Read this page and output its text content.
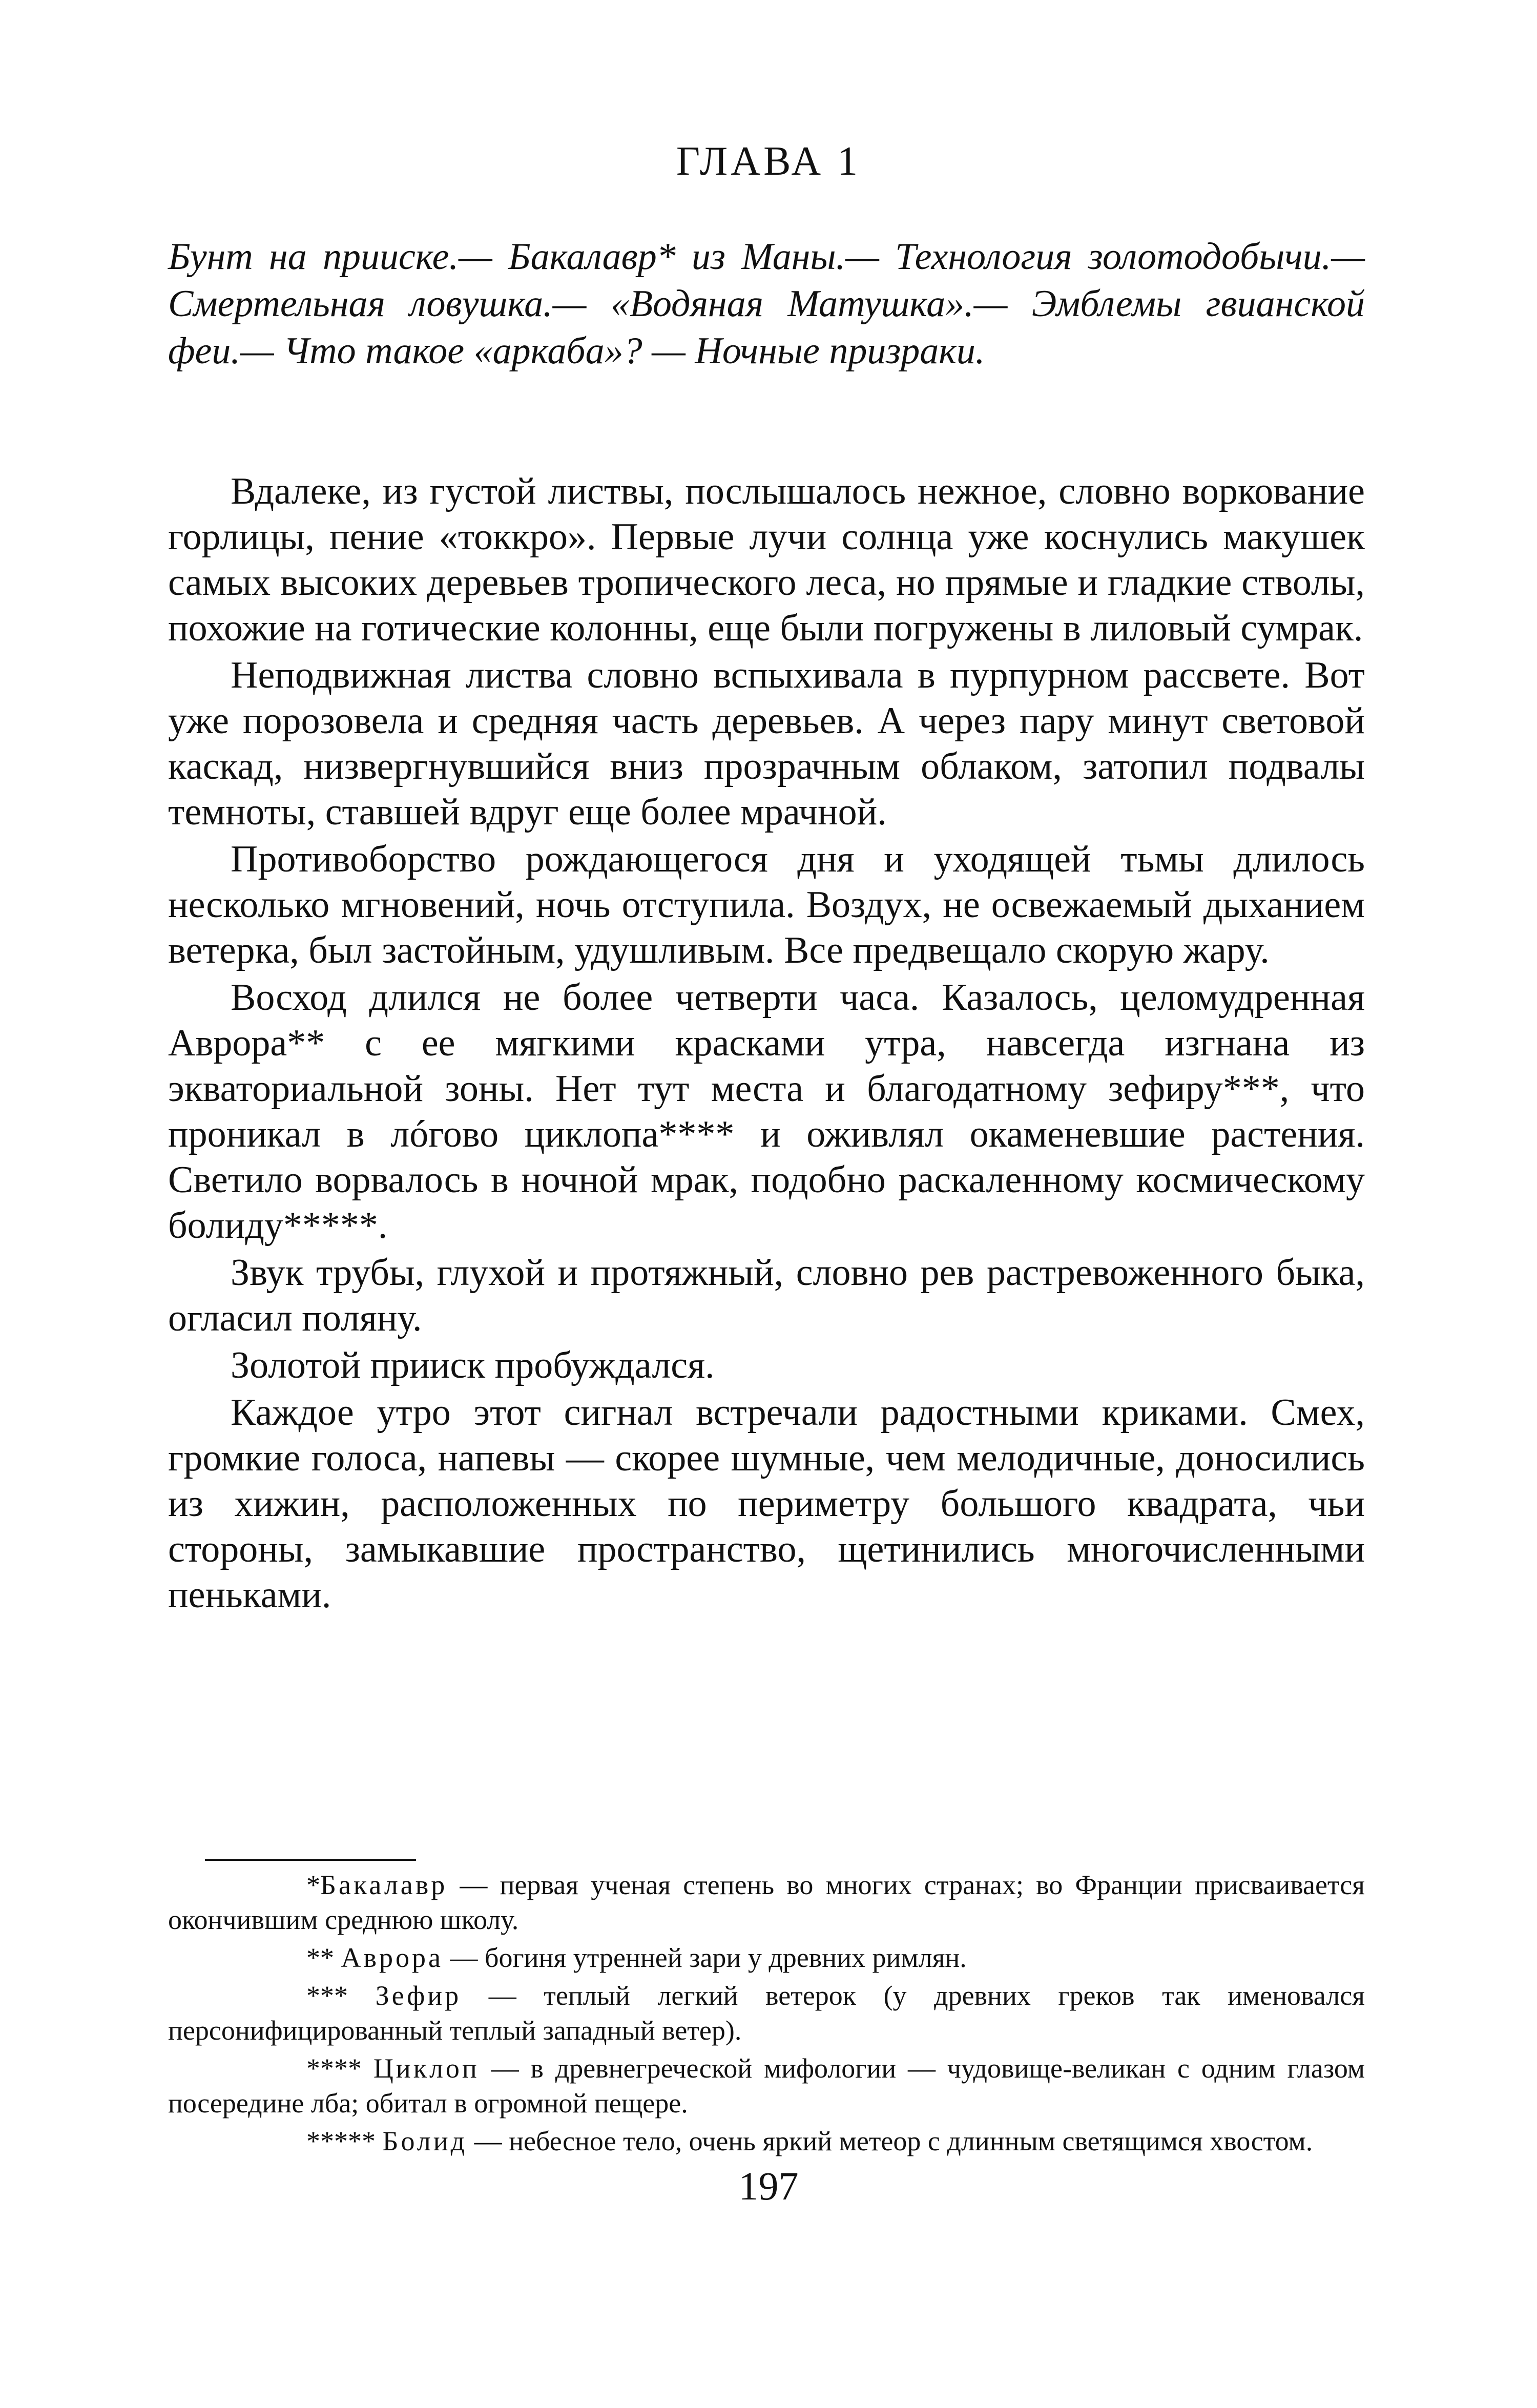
ГЛАВА 1
Бунт на прииске.— Бакалавр* из Маны.— Технология золотодобычи.— Смертельная ловушка.— «Водяная Матушка».— Эмблемы гвианской феи.— Что такое «аркаба»? — Ночные призраки.

Вдалеке, из густой листвы, послышалось нежное, словно воркование горлицы, пение «токкро». Первые лучи солнца уже коснулись макушек самых высоких деревьев тропического леса, но прямые и гладкие стволы, похожие на готические колонны, еще были погружены в лиловый сумрак.

Неподвижная листва словно вспыхивала в пурпурном рассвете. Вот уже порозовела и средняя часть деревьев. А через пару минут световой каскад, низвергнувшийся вниз прозрачным облаком, затопил подвалы темноты, ставшей вдруг еще более мрачной.

Противоборство рождающегося дня и уходящей тьмы длилось несколько мгновений, ночь отступила. Воздух, не освежаемый дыханием ветерка, был застойным, удушливым. Все предвещало скорую жару.

Восход длился не более четверти часа. Казалось, целомудренная Аврора** с ее мягкими красками утра, навсегда изгнана из экваториальной зоны. Нет тут места и благодатному зефиру***, что проникал в лóгово циклопа**** и оживлял окаменевшие растения. Светило ворвалось в ночной мрак, подобно раскаленному космическому болиду*****.

Звук трубы, глухой и протяжный, словно рев растревоженного быка, огласил поляну.

Золотой прииск пробуждался.

Каждое утро этот сигнал встречали радостными криками. Смех, громкие голоса, напевы — скорее шумные, чем мелодичные, доносились из хижин, расположенных по периметру большого квадрата, чьи стороны, замыкавшие пространство, щетинились многочисленными пеньками.

*Бакалавр — первая ученая степень во многих странах; во Франции присваивается окончившим среднюю школу.

** Аврора — богиня утренней зари у древних римлян.

*** Зефир — теплый легкий ветерок (у древних греков так именовался персонифицированный теплый западный ветер).

**** Циклоп — в древнегреческой мифологии — чудовище-великан с одним глазом посередине лба; обитал в огромной пещере.

***** Болид — небесное тело, очень яркий метеор с длинным светящимся хвостом.

197
